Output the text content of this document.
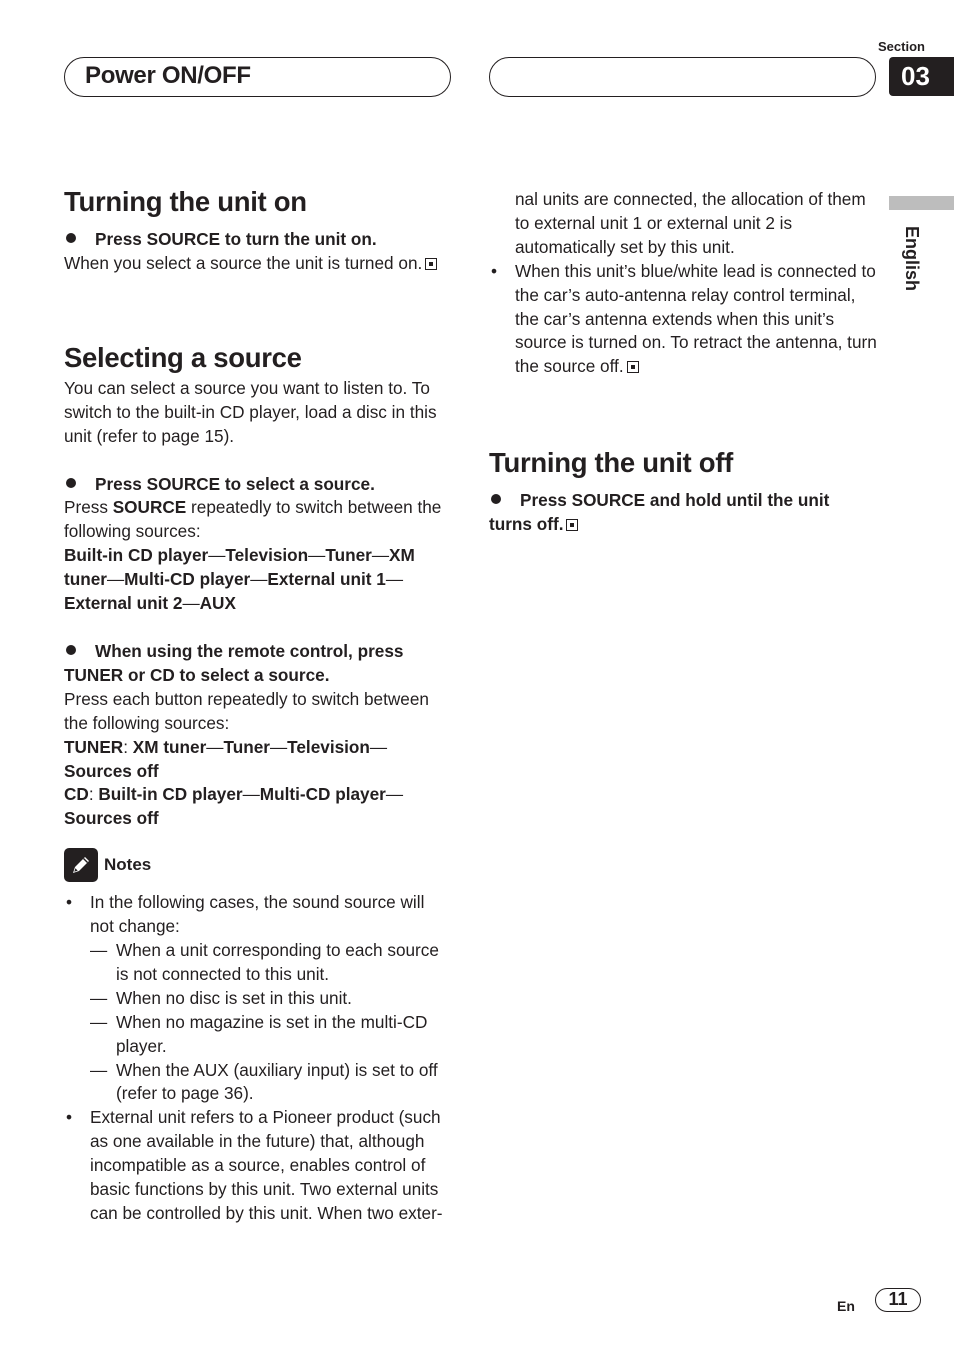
Power ON/OFF
Section
03
English
Turning the unit on

Press SOURCE to turn the unit on.

When you select a source the unit is turned on.

Selecting a source

You can select a source you want to listen to. To switch to the built-in CD player, load a disc in this unit (refer to page 15).

Press SOURCE to select a source.

Press SOURCE repeatedly to switch between the following sources:

Built-in CD player—Television—Tuner—XM tuner—Multi-CD player—External unit 1—External unit 2—AUX

When using the remote control, press TUNER or CD to select a source.

Press each button repeatedly to switch between the following sources:

TUNER: XM tuner—Tuner—Television—Sources off

CD: Built-in CD player—Multi-CD player—Sources off

Notes
• In the following cases, the sound source will not change:
— When a unit corresponding to each source is not connected to this unit.
— When no disc is set in this unit.
— When no magazine is set in the multi-CD player.
— When the AUX (auxiliary input) is set to off (refer to page 36).
• External unit refers to a Pioneer product (such as one available in the future) that, although incompatible as a source, enables control of basic functions by this unit. Two external units can be controlled by this unit. When two exter-

nal units are connected, the allocation of them to external unit 1 or external unit 2 is automatically set by this unit.

• When this unit’s blue/white lead is connected to the car’s auto-antenna relay control terminal, the car’s antenna extends when this unit’s source is turned on. To retract the antenna, turn the source off.
Turning the unit off

Press SOURCE and hold until the unit turns off.

En	11
